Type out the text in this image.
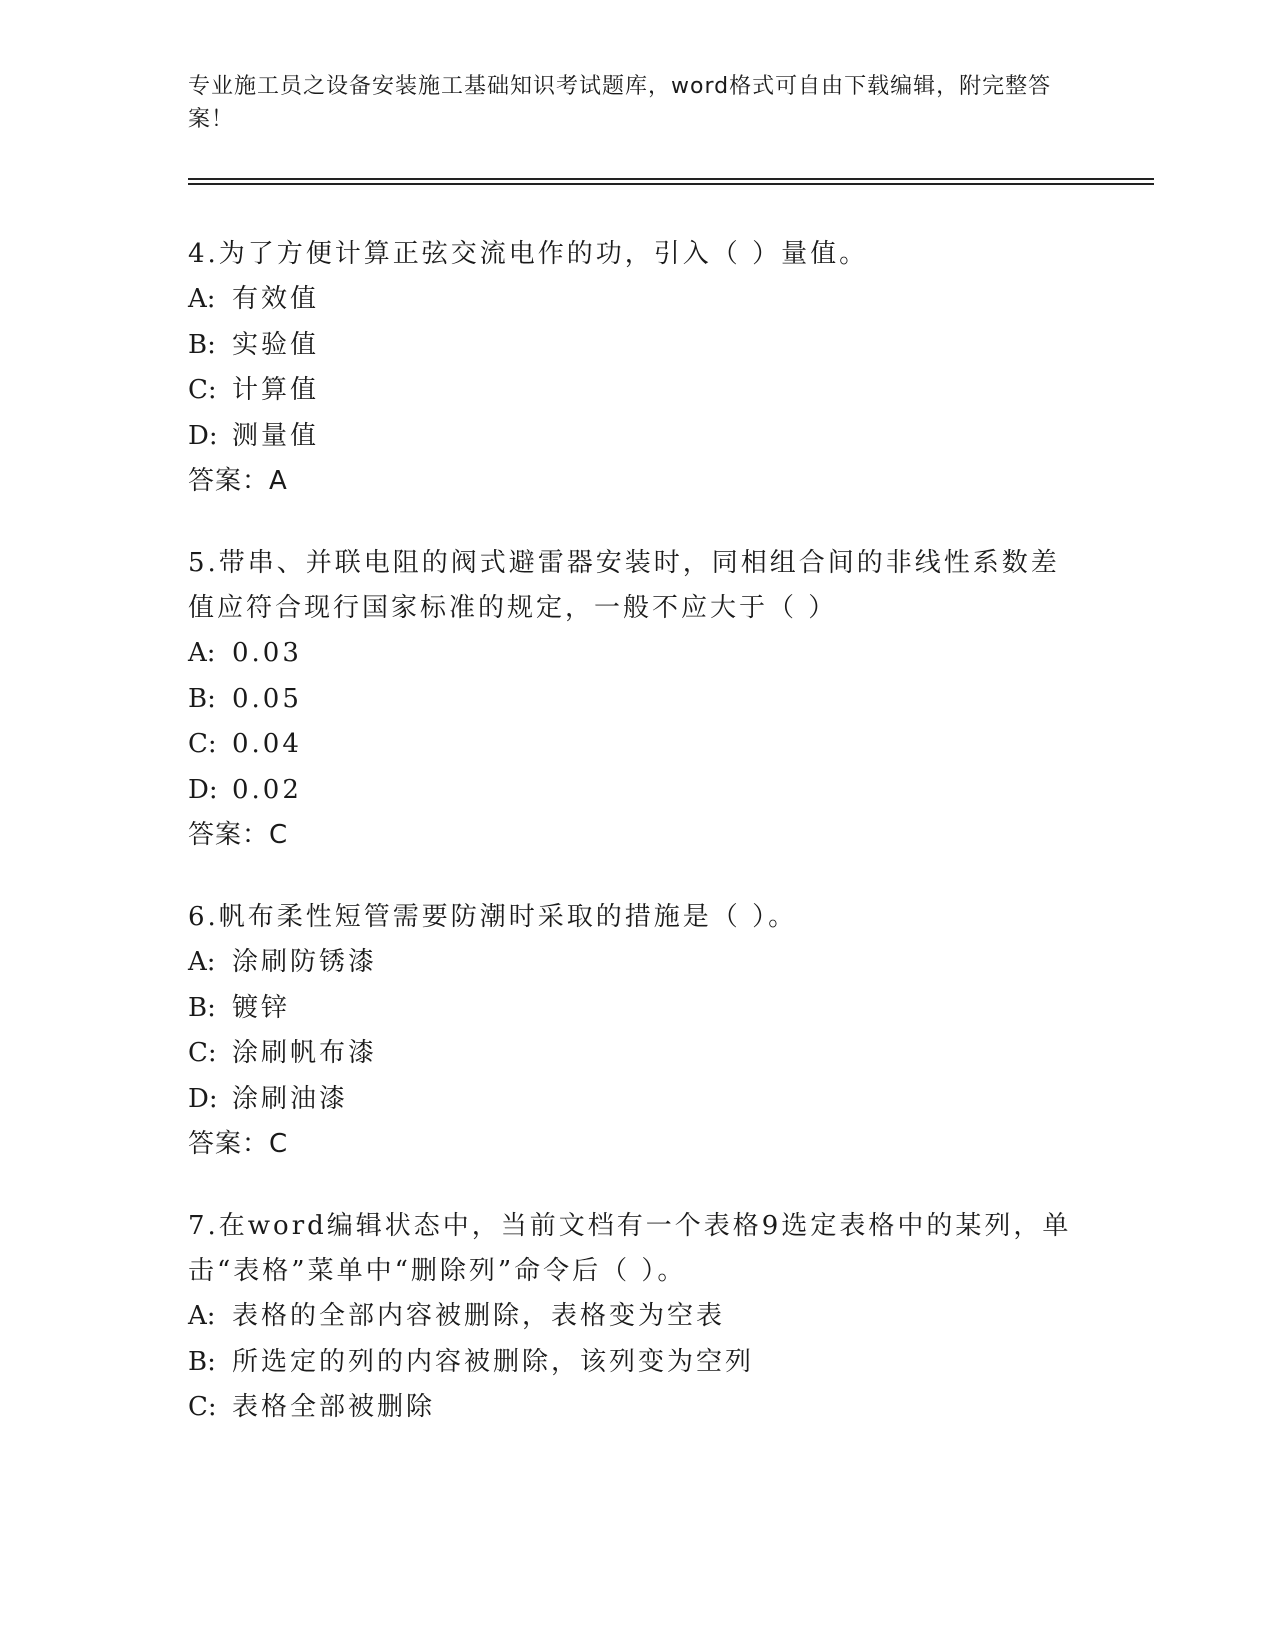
专业施工员之设备安装施工基础知识考试题库，word格式可自由下载编辑，附完整答案！
4.为了方便计算正弦交流电作的功，引入（ ）量值。
A: 有效值
B: 实验值
C: 计算值
D: 测量值
答案：A
5.带串、并联电阻的阀式避雷器安装时，同相组合间的非线性系数差值应符合现行国家标准的规定，一般不应大于（ ）
A: 0.03
B: 0.05
C: 0.04
D: 0.02
答案：C
6.帆布柔性短管需要防潮时采取的措施是（ ）。
A: 涂刷防锈漆
B: 镀锌
C: 涂刷帆布漆
D: 涂刷油漆
答案：C
7.在word编辑状态中，当前文档有一个表格9选定表格中的某列，单击“表格”菜单中“删除列”命令后（ ）。
A: 表格的全部内容被删除，表格变为空表
B: 所选定的列的内容被删除，该列变为空列
C: 表格全部被删除
